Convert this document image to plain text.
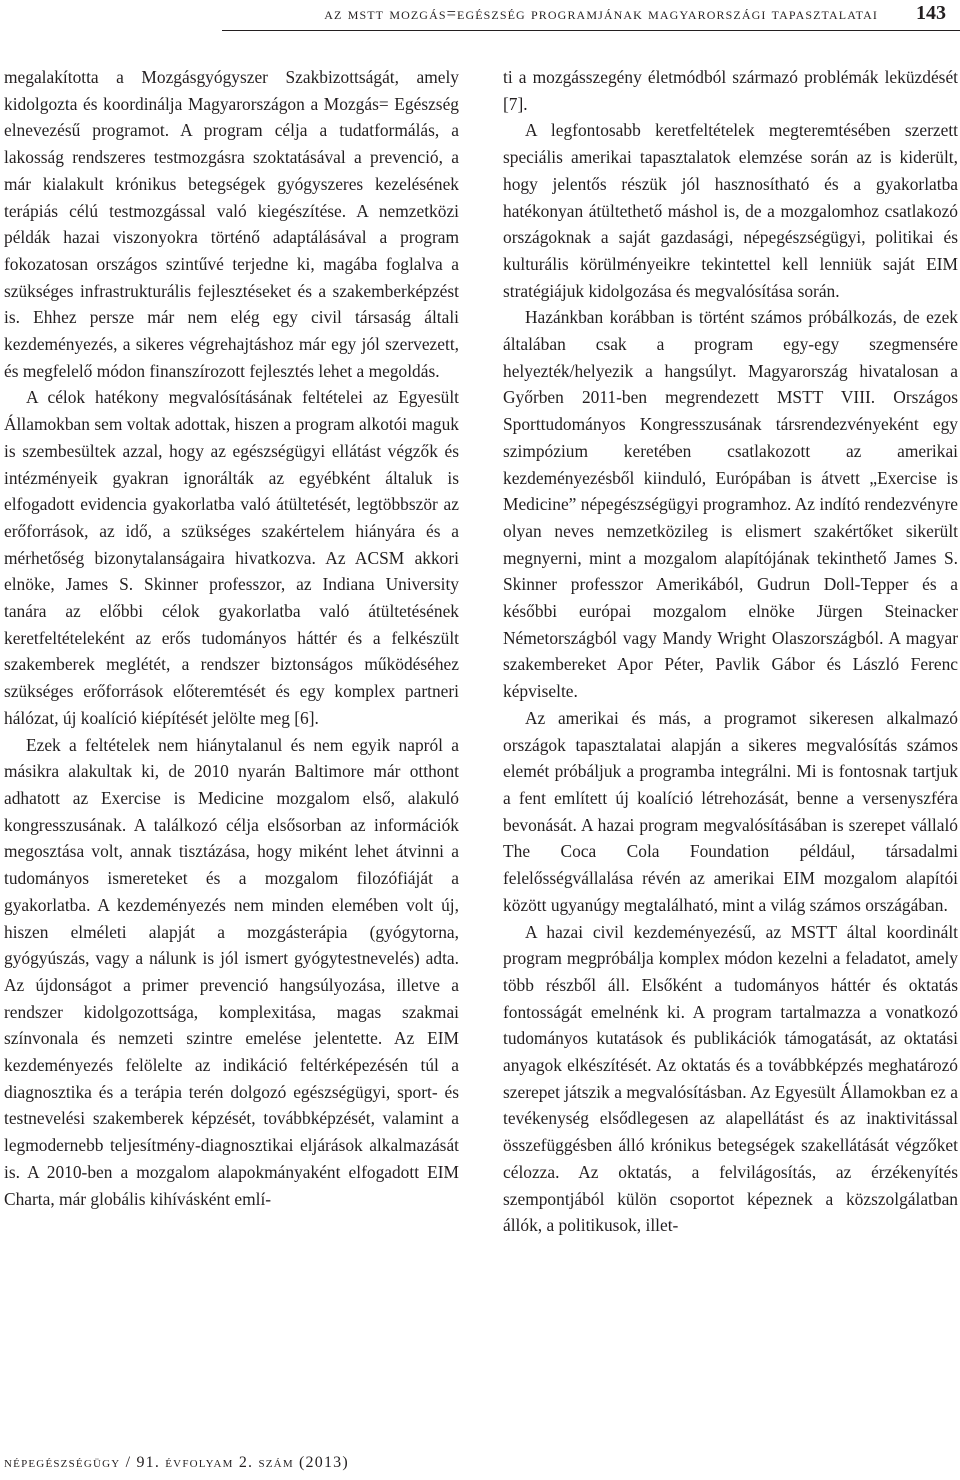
az mstt mozgás=egészség programjának magyarországi tapasztalatai 143

megalakította a Mozgásgyógyszer Szakbizottságát, amely kidolgozta és koordinálja Magyarországon a Mozgás= Egészség elnevezésű programot. A program célja a tudatformálás, a lakosság rendszeres testmozgásra szoktatásával a prevenció, a már kialakult krónikus betegségek gyógyszeres kezelésének terápiás célú testmozgással való kiegészítése. A nemzetközi példák hazai viszonyokra történő adaptálásával a program fokozatosan országos szintűvé terjedne ki, magába foglalva a szükséges infrastrukturális fejlesztéseket és a szakemberképzést is. Ehhez persze már nem elég egy civil társaság általi kezdeményezés, a sikeres végrehajtáshoz már egy jól szervezett, és megfelelő módon finanszírozott fejlesztés lehet a megoldás.

A célok hatékony megvalósításának feltételei az Egyesült Államokban sem voltak adottak, hiszen a program alkotói maguk is szembesültek azzal, hogy az egészségügyi ellátást végzők és intézményeik gyakran ignorálták az egyébként általuk is elfogadott evidencia gyakorlatba való átültetését, legtöbbször az erőforrások, az idő, a szükséges szakértelem hiányára és a mérhetőség bizonytalanságaira hivatkozva. Az ACSM akkori elnöke, James S. Skinner professzor, az Indiana University tanára az előbbi célok gyakorlatba való átültetésének keretfeltételeként az erős tudományos háttér és a felkészült szakemberek meglétét, a rendszer biztonságos működéséhez szükséges erőforrások előteremtését és egy komplex partneri hálózat, új koalíció kiépítését jelölte meg [6].

Ezek a feltételek nem hiánytalanul és nem egyik napról a másikra alakultak ki, de 2010 nyarán Baltimore már otthont adhatott az Exercise is Medicine mozgalom első, alakuló kongresszusának. A találkozó célja elsősorban az információk megosztása volt, annak tisztázása, hogy miként lehet átvinni a tudományos ismereteket és a mozgalom filozófiáját a gyakorlatba. A kezdeményezés nem minden elemében volt új, hiszen elméleti alapját a mozgásterápia (gyógytorna, gyógyúszás, vagy a nálunk is jól ismert gyógytestnevelés) adta. Az újdonságot a primer prevenció hangsúlyozása, illetve a rendszer kidolgozottsága, komplexitása, magas szakmai színvonala és nemzeti szintre emelése jelentette. Az EIM kezdeményezés felölelte az indikáció feltérképezésén túl a diagnosztika és a terápia terén dolgozó egészségügyi, sport- és testnevelési szakemberek képzését, továbbképzését, valamint a legmodernebb teljesítmény-diagnosztikai eljárások alkalmazását is. A 2010-ben a mozgalom alapokmányaként elfogadott EIM Charta, már globális kihívásként emlí-

ti a mozgásszegény életmódból származó problémák leküzdését [7].

A legfontosabb keretfeltételek megteremtésében szerzett speciális amerikai tapasztalatok elemzése során az is kiderült, hogy jelentős részük jól hasznosítható és a gyakorlatba hatékonyan átültethető máshol is, de a mozgalomhoz csatlakozó országoknak a saját gazdasági, népegészségügyi, politikai és kulturális körülményeikre tekintettel kell lenniük saját EIM stratégiájuk kidolgozása és megvalósítása során.

Hazánkban korábban is történt számos próbálkozás, de ezek általában csak a program egy-egy szegmensére helyezték/helyezik a hangsúlyt. Magyarország hivatalosan a Győrben 2011-ben megrendezett MSTT VIII. Országos Sporttudományos Kongresszusának társrendezvényeként egy szimpózium keretében csatlakozott az amerikai kezdeményezésből kiinduló, Európában is átvett „Exercise is Medicine” népegészségügyi programhoz. Az indító rendezvényre olyan neves nemzetközileg is elismert szakértőket sikerült megnyerni, mint a mozgalom alapítójának tekinthető James S. Skinner professzor Amerikából, Gudrun Doll-Tepper és a későbbi európai mozgalom elnöke Jürgen Steinacker Németországból vagy Mandy Wright Olaszországból. A magyar szakembereket Apor Péter, Pavlik Gábor és László Ferenc képviselte.

Az amerikai és más, a programot sikeresen alkalmazó országok tapasztalatai alapján a sikeres megvalósítás számos elemét próbáljuk a programba integrálni. Mi is fontosnak tartjuk a fent említett új koalíció létrehozását, benne a versenyszféra bevonását. A hazai program megvalósításában is szerepet vállaló The Coca Cola Foundation például, társadalmi felelősségvállalása révén az amerikai EIM mozgalom alapítói között ugyanúgy megtalálható, mint a világ számos országában.

A hazai civil kezdeményezésű, az MSTT által koordinált program megpróbálja komplex módon kezelni a feladatot, amely több részből áll. Elsőként a tudományos háttér és oktatás fontosságát emelnénk ki. A program tartalmazza a vonatkozó tudományos kutatások és publikációk támogatását, az oktatási anyagok elkészítését. Az oktatás és a továbbképzés meghatározó szerepet játszik a megvalósításban. Az Egyesült Államokban ez a tevékenység elsődlegesen az alapellátást és az inaktivitással összefüggésben álló krónikus betegségek szakellátását végzőket célozza. Az oktatás, a felvilágosítás, az érzékenyítés szempontjából külön csoportot képeznek a közszolgálatban állók, a politikusok, illet-

népegészségügy / 91. évfolyam 2. szám (2013)
